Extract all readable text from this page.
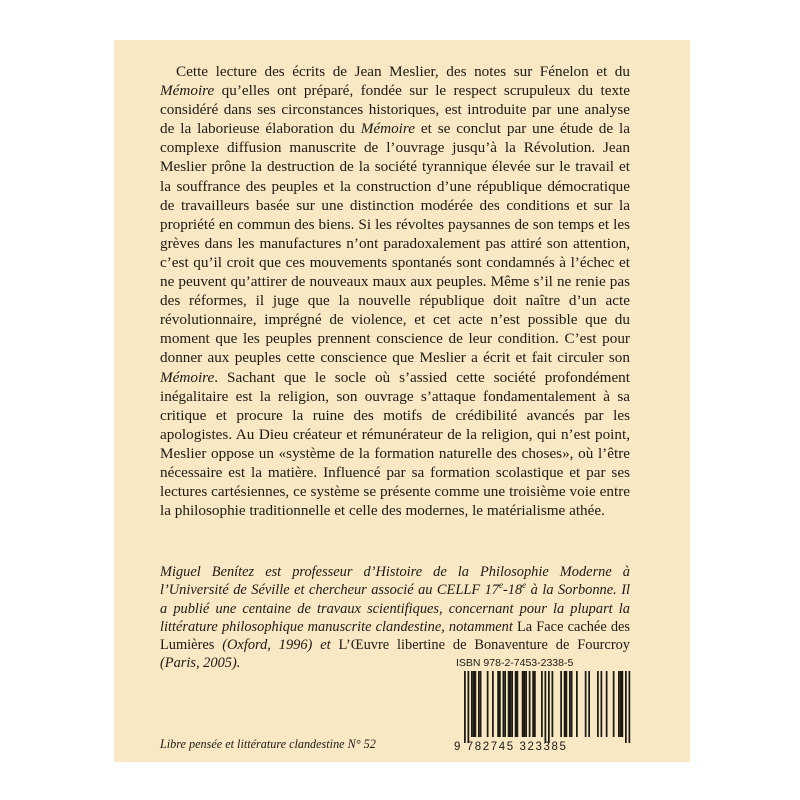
Cette lecture des écrits de Jean Meslier, des notes sur Fénelon et du Mémoire qu’elles ont préparé, fondée sur le respect scrupuleux du texte considéré dans ses circonstances historiques, est introduite par une analyse de la laborieuse élaboration du Mémoire et se conclut par une étude de la complexe diffusion manuscrite de l’ouvrage jusqu’à la Révolution. Jean Meslier prône la destruction de la société tyrannique élevée sur le travail et la souffrance des peuples et la construction d’une république démocratique de travailleurs basée sur une distinction modérée des conditions et sur la propriété en commun des biens. Si les révoltes paysannes de son temps et les grèves dans les manufactures n’ont paradoxalement pas attiré son attention, c’est qu’il croit que ces mouvements spontanés sont condamnés à l’échec et ne peuvent qu’attirer de nouveaux maux aux peuples. Même s’il ne renie pas des réformes, il juge que la nouvelle république doit naître d’un acte révolutionnaire, imprégné de violence, et cet acte n’est possible que du moment que les peuples prennent conscience de leur condition. C’est pour donner aux peuples cette conscience que Meslier a écrit et fait circuler son Mémoire. Sachant que le socle où s’assied cette société profondément inégalitaire est la religion, son ouvrage s’attaque fondamentalement à sa critique et procure la ruine des motifs de crédibilité avancés par les apologistes. Au Dieu créateur et rémunérateur de la religion, qui n’est point, Meslier oppose un «système de la formation naturelle des choses», où l’être nécessaire est la matière. Influencé par sa formation scolastique et par ses lectures cartésiennes, ce système se présente comme une troisième voie entre la philosophie traditionnelle et celle des modernes, le matérialisme athée.

Miguel Benítez est professeur d’Histoire de la Philosophie Moderne à l’Université de Séville et chercheur associé au CELLF 17e-18e à la Sorbonne. Il a publié une centaine de travaux scientifiques, concernant pour la plupart la littérature philosophique manuscrite clandestine, notamment La Face cachée des Lumières (Oxford, 1996) et L’Œuvre libertine de Bonaventure de Fourcroy (Paris, 2005).

Libre pensée et littérature clandestine N° 52
ISBN 978-2-7453-2338-5
9 782745 323385
